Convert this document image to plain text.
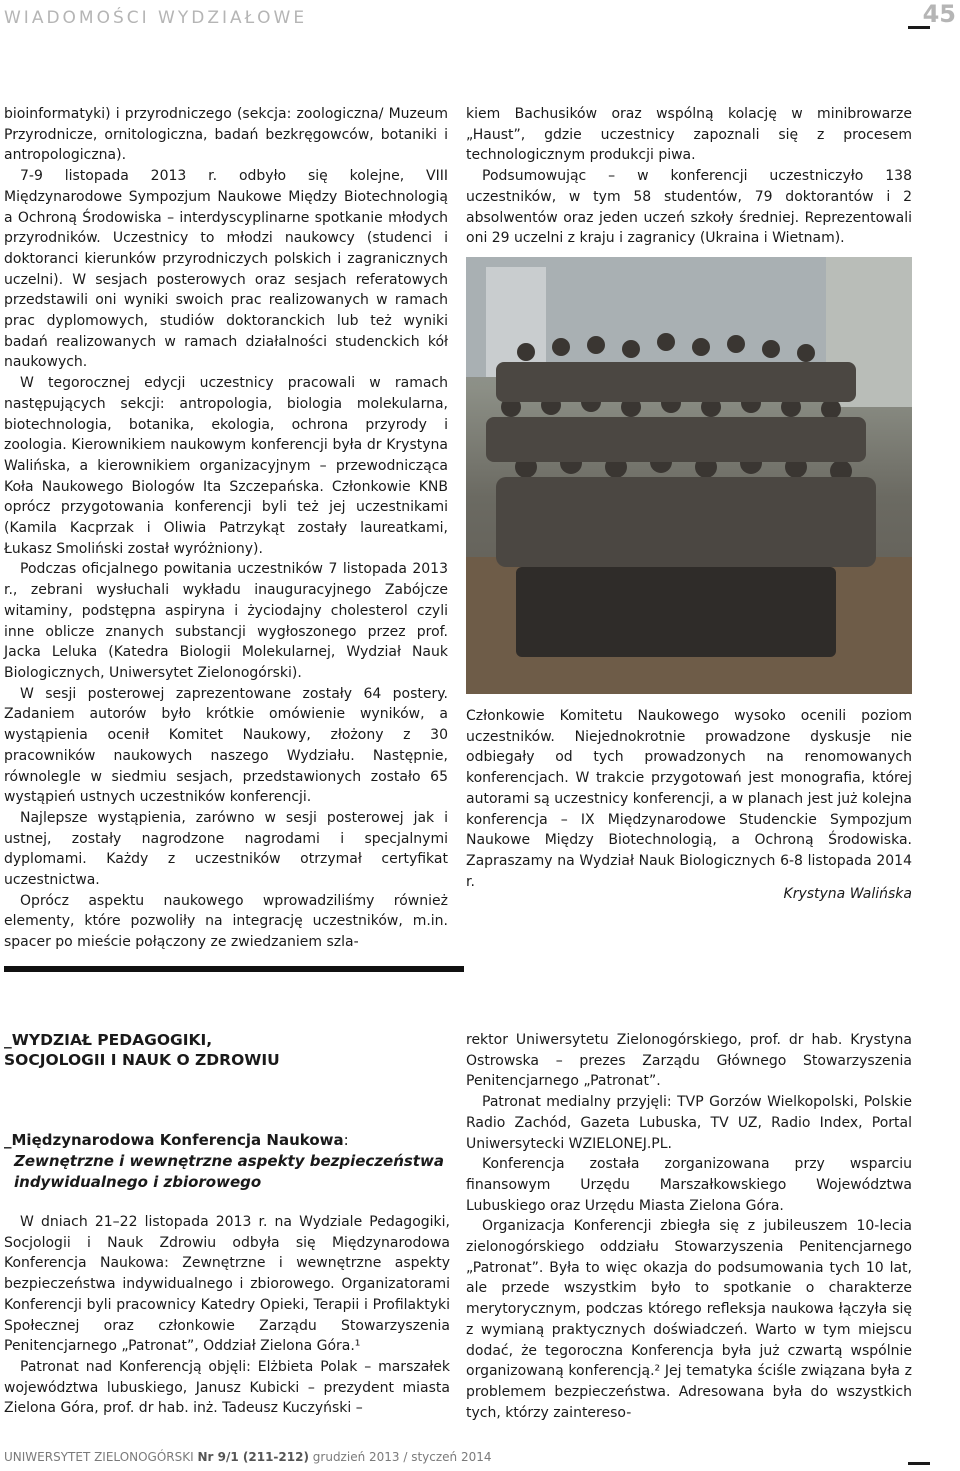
WIADOMOŚCI WYDZIAŁOWE	45

bioinformatyki) i przyrodniczego (sekcja: zoologiczna/ Muzeum Przyrodnicze, ornitologiczna, badań bezkręgowców, botaniki i antropologiczna).

7-9 listopada 2013 r. odbyło się kolejne, VIII Międzynarodowe Sympozjum Naukowe Między Biotechnologią a Ochroną Środowiska – interdyscyplinarne spotkanie młodych przyrodników. Uczestnicy to młodzi naukowcy (studenci i doktoranci kierunków przyrodniczych polskich i zagranicznych uczelni). W sesjach posterowych oraz sesjach referatowych przedstawili oni wyniki swoich prac realizowanych w ramach prac dyplomowych, studiów doktoranckich lub też wyniki badań realizowanych w ramach działalności studenckich kół naukowych.

W tegorocznej edycji uczestnicy pracowali w ramach następujących sekcji: antropologia, biologia molekularna, biotechnologia, botanika, ekologia, ochrona przyrody i zoologia. Kierownikiem naukowym konferencji była dr Krystyna Walińska, a kierownikiem organizacyjnym – przewodnicząca Koła Naukowego Biologów Ita Szczepańska. Członkowie KNB oprócz przygotowania konferencji byli też jej uczestnikami (Kamila Kacprzak i Oliwia Patrzykąt zostały laureatkami, Łukasz Smoliński został wyróżniony).

Podczas oficjalnego powitania uczestników 7 listopada 2013 r., zebrani wysłuchali wykładu inauguracyjnego Zabójcze witaminy, podstępna aspiryna i życiodajny cholesterol czyli inne oblicze znanych substancji wygłoszonego przez prof. Jacka Leluka (Katedra Biologii Molekularnej, Wydział Nauk Biologicznych, Uniwersytet Zielonogórski).

W sesji posterowej zaprezentowane zostały 64 postery. Zadaniem autorów było krótkie omówienie wyników, a wystąpienia ocenił Komitet Naukowy, złożony z 30 pracowników naukowych naszego Wydziału. Następnie, równolegle w siedmiu sesjach, przedstawionych zostało 65 wystąpień ustnych uczestników konferencji.

Najlepsze wystąpienia, zarówno w sesji posterowej jak i ustnej, zostały nagrodzone nagrodami i specjalnymi dyplomami. Każdy z uczestników otrzymał certyfikat uczestnictwa.

Oprócz aspektu naukowego wprowadziliśmy również elementy, które pozwoliły na integrację uczestników, m.in. spacer po mieście połączony ze zwiedzaniem szla-

kiem Bachusików oraz wspólną kolację w minibrowarze „Haust”, gdzie uczestnicy zapoznali się z procesem technologicznym produkcji piwa.

Podsumowując – w konferencji uczestniczyło 138 uczestników, w tym 58 studentów, 79 doktorantów i 2 absolwentów oraz jeden uczeń szkoły średniej. Reprezentowali oni 29 uczelni z kraju i zagranicy (Ukraina i Wietnam).

Członkowie Komitetu Naukowego wysoko ocenili poziom uczestników. Niejednokrotnie prowadzone dyskusje nie odbiegały od tych prowadzonych na renomowanych konferencjach. W trakcie przygotowań jest monografia, której autorami są uczestnicy konferencji, a w planach jest już kolejna konferencja – IX Międzynarodowe Studenckie Sympozjum Naukowe Między Biotechnologią, a Ochroną Środowiska. Zapraszamy na Wydział Nauk Biologicznych 6-8 listopada 2014 r.

Krystyna Walińska
_WYDZIAŁ PEDAGOGIKI,
SOCJOLOGII I NAUK O ZDROWIU
_Międzynarodowa Konferencja Naukowa:
Zewnętrzne i wewnętrzne aspekty bezpieczeństwa
indywidualnego i zbiorowego

W dniach 21–22 listopada 2013 r. na Wydziale Pedagogiki, Socjologii i Nauk Zdrowiu odbyła się Międzynarodowa Konferencja Naukowa: Zewnętrzne i wewnętrzne aspekty bezpieczeństwa indywidualnego i zbiorowego. Organizatorami Konferencji byli pracownicy Katedry Opieki, Terapii i Profilaktyki Społecznej oraz członkowie Zarządu Stowarzyszenia Penitencjarnego „Patronat”, Oddział Zielona Góra.¹

Patronat nad Konferencją objęli: Elżbieta Polak – marszałek województwa lubuskiego, Janusz Kubicki – prezydent miasta Zielona Góra, prof. dr hab. inż. Tadeusz Kuczyński –

rektor Uniwersytetu Zielonogórskiego, prof. dr hab. Krystyna Ostrowska – prezes Zarządu Głównego Stowarzyszenia Penitencjarnego „Patronat”.

Patronat medialny przyjęli: TVP Gorzów Wielkopolski, Polskie Radio Zachód, Gazeta Lubuska, TV UZ, Radio Index, Portal Uniwersytecki WZIELONEJ.PL.

Konferencja została zorganizowana przy wsparciu finansowym Urzędu Marszałkowskiego Województwa Lubuskiego oraz Urzędu Miasta Zielona Góra.

Organizacja Konferencji zbiegła się z jubileuszem 10-lecia zielonogórskiego oddziału Stowarzyszenia Penitencjarnego „Patronat”. Była to więc okazja do podsumowania tych 10 lat, ale przede wszystkim było to spotkanie o charakterze merytorycznym, podczas którego refleksja naukowa łączyła się z wymianą praktycznych doświadczeń. Warto w tym miejscu dodać, że tegoroczna Konferencja była już czwartą wspólnie organizowaną konferencją.² Jej tematyka ściśle związana była z problemem bezpieczeństwa. Adresowana była do wszystkich tych, którzy zaintereso-

UNIWERSYTET ZIELONOGÓRSKI Nr 9/1 (211-212) grudzień 2013 / styczeń 2014
